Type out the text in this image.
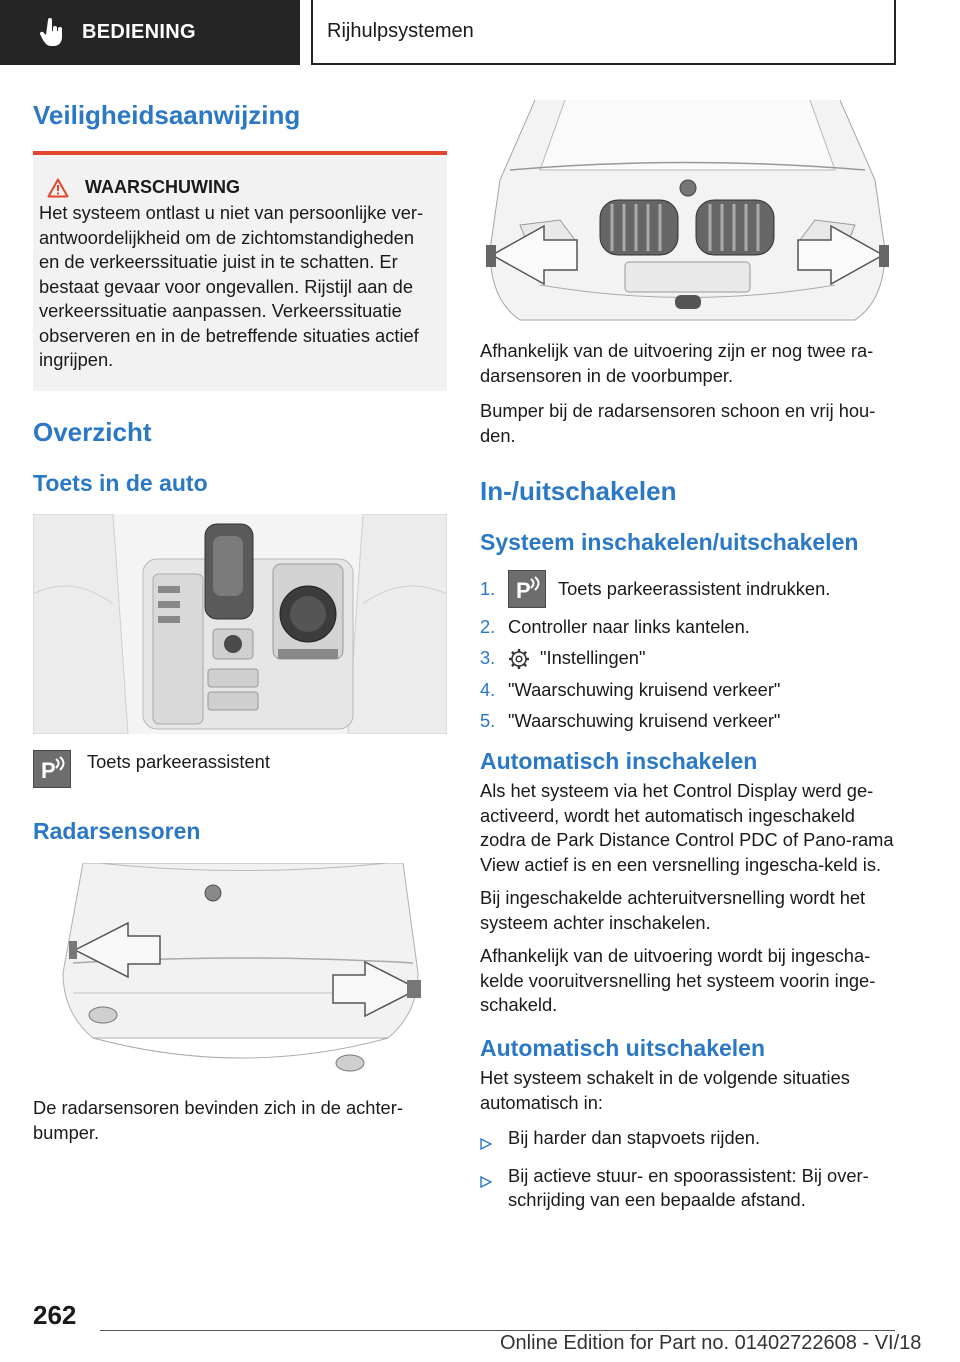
BEDIENING	Rijhulpsystemen
Veiligheidsaanwijzing
WAARSCHUWING

Het systeem ontlast u niet van persoonlijke ver-antwoordelijkheid om de zichtomstandigheden en de verkeerssituatie juist in te schatten. Er bestaat gevaar voor ongevallen. Rijstijl aan de verkeerssituatie aanpassen. Verkeerssituatie observeren en in de betreffende situaties actief ingrijpen.

Overzicht
Toets in de auto
P Toets parkeerassistent

Radarsensoren

De radarsensoren bevinden zich in de achter-bumper.

Afhankelijk van de uitvoering zijn er nog twee ra-darsensoren in de voorbumper.

Bumper bij de radarsensoren schoon en vrij hou-den.

In-/uitschakelen
Systeem inschakelen/uitschakelen
1. P Toets parkeerassistent indrukken.
2. Controller naar links kantelen.
3.	"Instellingen"
4. "Waarschuwing kruisend verkeer"
5. "Waarschuwing kruisend verkeer"
Automatisch inschakelen

Als het systeem via het Control Display werd ge-activeerd, wordt het automatisch ingeschakeld zodra de Park Distance Control PDC of Pano-rama View actief is en een versnelling ingescha-keld is.

Bij ingeschakelde achteruitversnelling wordt het systeem achter inschakelen.

Afhankelijk van de uitvoering wordt bij ingescha-kelde vooruitversnelling het systeem voorin inge-schakeld.

Automatisch uitschakelen

Het systeem schakelt in de volgende situaties automatisch in:

Bij harder dan stapvoets rijden.
Bij actieve stuur- en spoorassistent: Bij over-schrijding van een bepaalde afstand.
262
Online Edition for Part no. 01402722608 - VI/18
